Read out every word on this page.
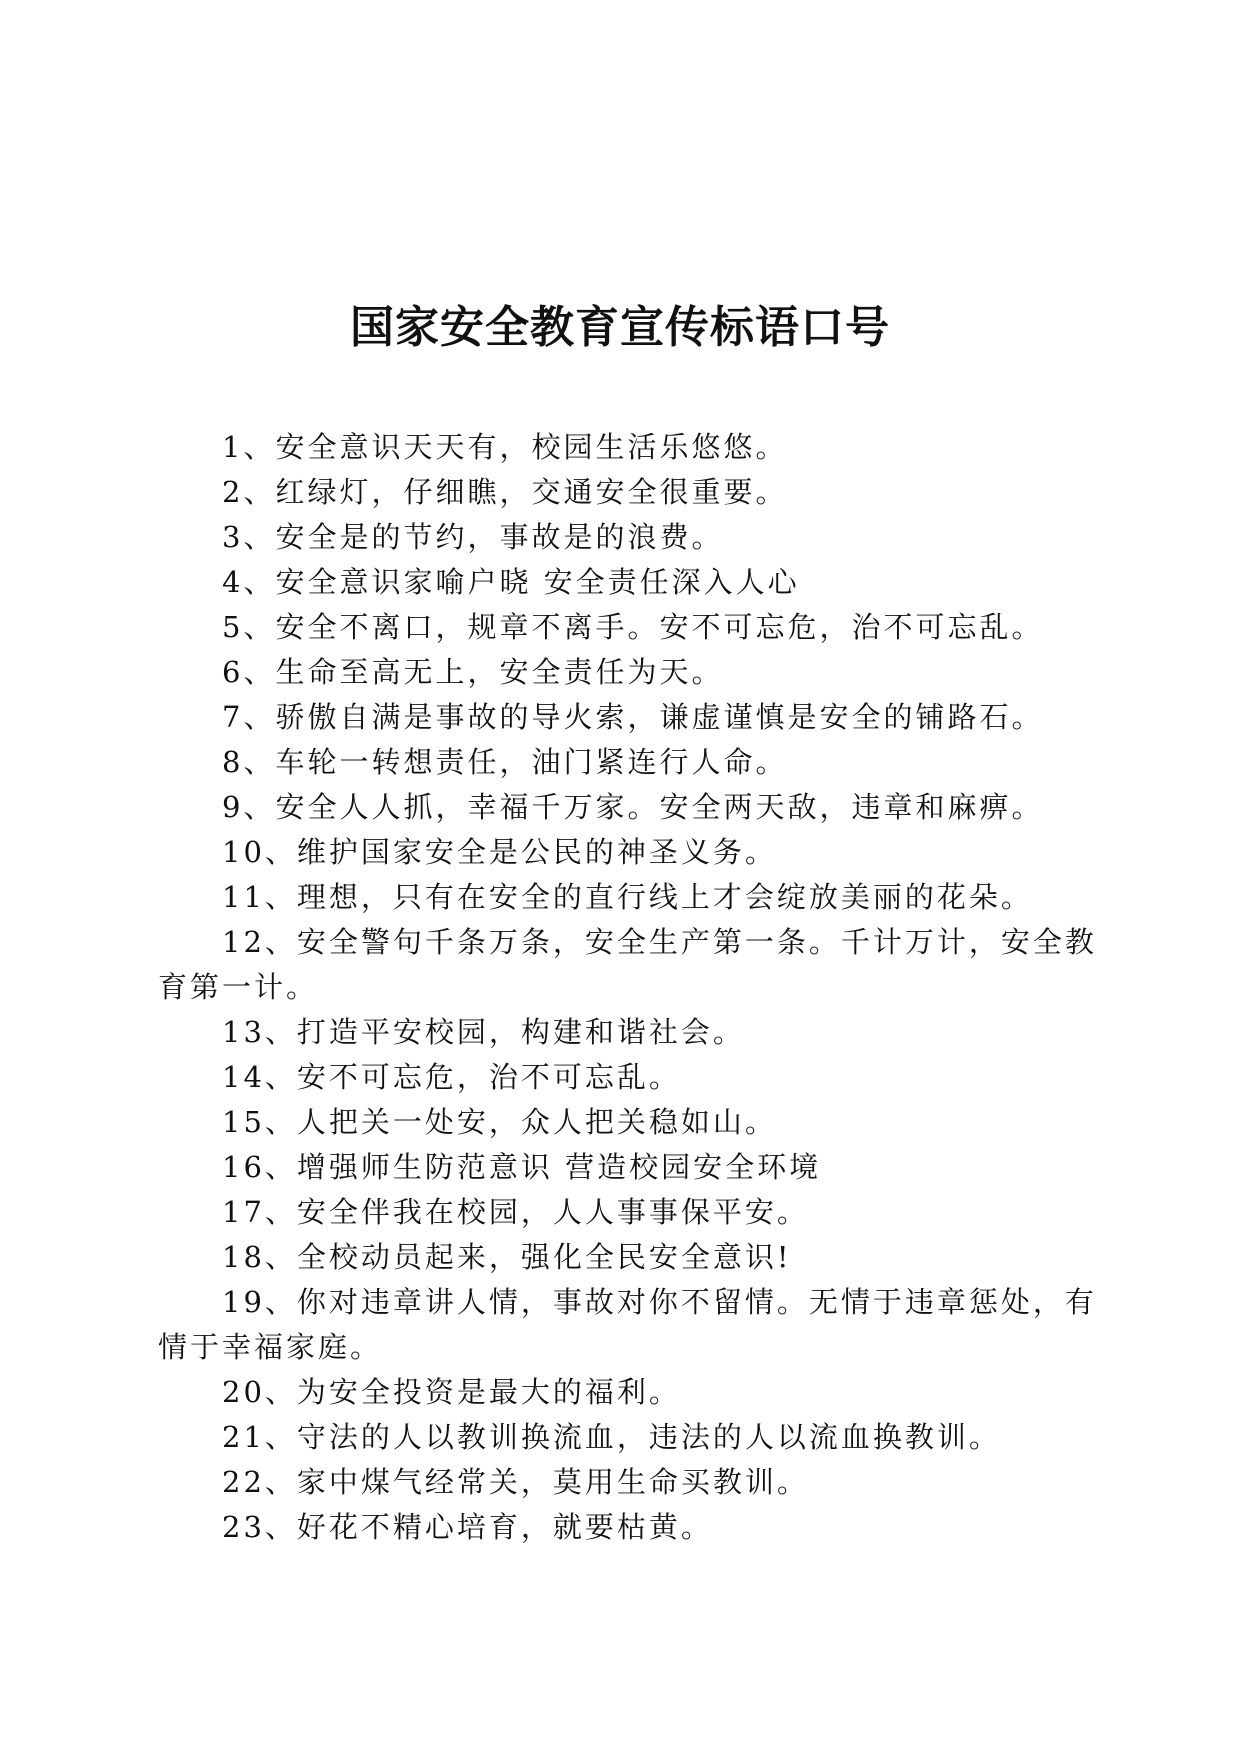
国家安全教育宣传标语口号
1、安全意识天天有，校园生活乐悠悠。
2、红绿灯，仔细瞧，交通安全很重要。
3、安全是的节约，事故是的浪费。
4、安全意识家喻户晓 安全责任深入人心
5、安全不离口，规章不离手。安不可忘危，治不可忘乱。
6、生命至高无上，安全责任为天。
7、骄傲自满是事故的导火索，谦虚谨慎是安全的铺路石。
8、车轮一转想责任，油门紧连行人命。
9、安全人人抓，幸福千万家。安全两天敌，违章和麻痹。
10、维护国家安全是公民的神圣义务。
11、理想，只有在安全的直行线上才会绽放美丽的花朵。
12、安全警句千条万条，安全生产第一条。千计万计，安全教育第一计。
13、打造平安校园，构建和谐社会。
14、安不可忘危，治不可忘乱。
15、人把关一处安，众人把关稳如山。
16、增强师生防范意识 营造校园安全环境
17、安全伴我在校园，人人事事保平安。
18、全校动员起来，强化全民安全意识!
19、你对违章讲人情，事故对你不留情。无情于违章惩处，有情于幸福家庭。
20、为安全投资是最大的福利。
21、守法的人以教训换流血，违法的人以流血换教训。
22、家中煤气经常关，莫用生命买教训。
23、好花不精心培育，就要枯黄。
